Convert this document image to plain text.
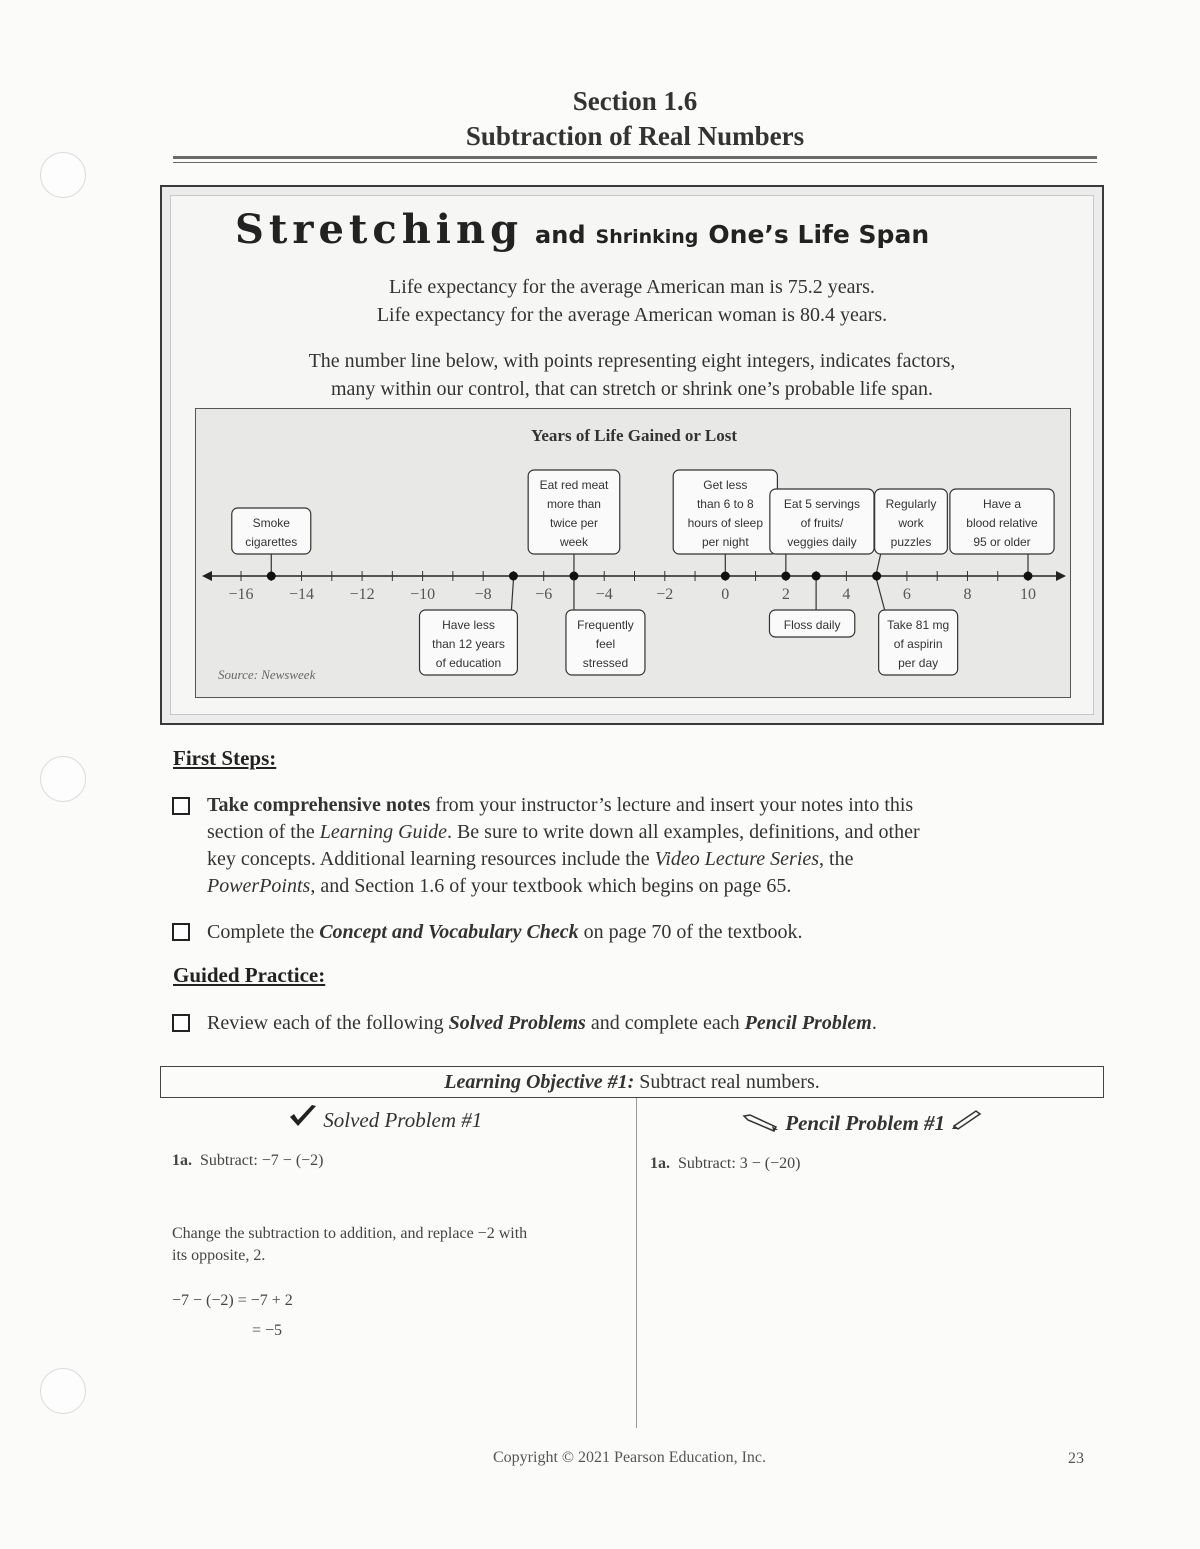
Section 1.6
Subtraction of Real Numbers
Stretching and Shrinking One’s Life Span
Life expectancy for the average American man is 75.2 years.
Life expectancy for the average American woman is 80.4 years.
The number line below, with points representing eight integers, indicates factors,
many within our control, that can stretch or shrink one’s probable life span.
Years of Life Gained or Lost
−16 −14 −12 −10 −8	−6	−4	−2	0	2	4	6	8	10
Smoke
cigarettes
Have less
than 12 years
of education
Eat red meat
more than
twice per
week
Frequently
feel
stressed
Get less
than 6 to 8
hours of sleep
per night
Eat 5 servings
of fruits/
veggies daily
Floss daily
Regularly
work
puzzles
Take 81 mg
of aspirin
per day
Have a
blood relative
95 or older
Source: Newsweek
First Steps:
Take comprehensive notes from your instructor’s lecture and insert your notes into this
section of the Learning Guide. Be sure to write down all examples, definitions, and other
key concepts. Additional learning resources include the Video Lecture Series, the
PowerPoints, and Section 1.6 of your textbook which begins on page 65.
Complete the Concept and Vocabulary Check on page 70 of the textbook.
Guided Practice:
Review each of the following Solved Problems and complete each Pencil Problem.
Learning Objective #1: Subtract real numbers.
Solved Problem #1	Pencil Problem #1
1a. Subtract: −7 − (−2)	1a. Subtract: 3 − (−20)
Change the subtraction to addition, and replace −2 with
its opposite, 2.
−7 − (−2) = −7 + 2
= −5
Copyright © 2021 Pearson Education, Inc.	23
